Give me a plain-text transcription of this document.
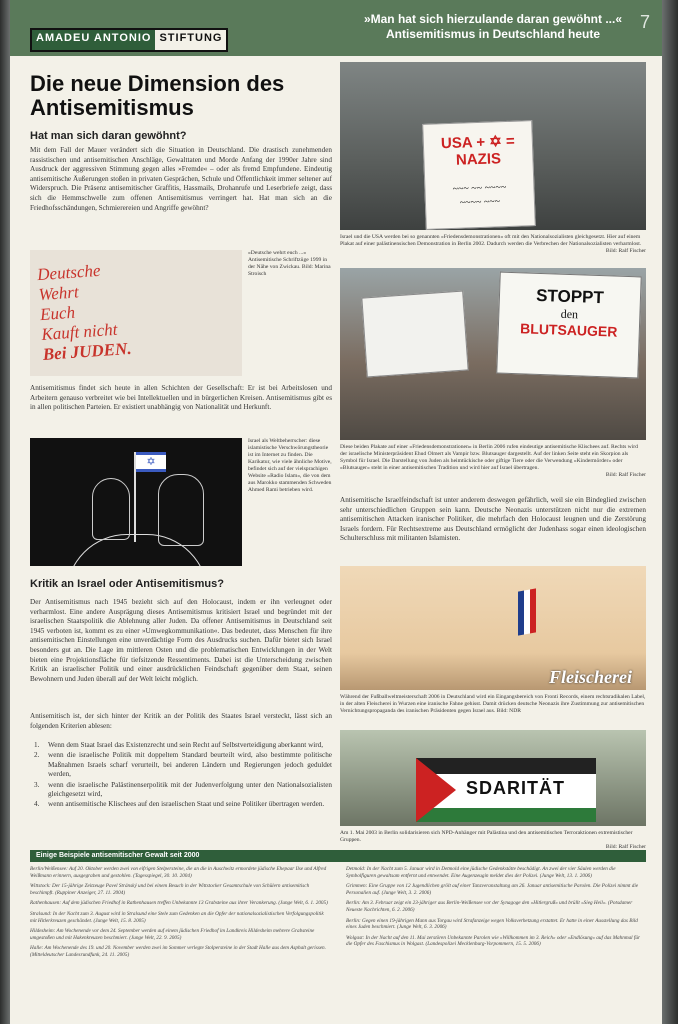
AMADEU ANTONIO STIFTUNG
»Man hat sich hierzulande daran gewöhnt ...«
Antisemitismus in Deutschland heute
7
Die neue Dimension des Antisemitismus
Hat man sich daran gewöhnt?

Mit dem Fall der Mauer verändert sich die Situation in Deutschland. Die drastisch zunehmenden rassistischen und antisemitischen Anschläge, Gewalttaten und Morde Anfang der 1990er Jahre sind Ausdruck der aggressiven Stimmung gegen alles »Fremde« – oder als fremd Empfundene. Eindeutig antisemitische Äußerungen stoßen in privaten Gesprächen, Schule und Öffentlichkeit immer seltener auf Widerspruch. Die Präsenz antisemitischer Graffitis, Hassmails, Drohanrufe und Leserbriefe zeigt, dass sich die Hemmschwelle zum offenen Antisemitismus verringert hat. Hat man sich an die Friedhofsschändungen, Schmierereien und Angriffe gewöhnt?

Deutsche
Wehrt
Euch
Kauft nicht
Bei JUDEN.
»Deutsche wehrt euch ...« Antisemitische Schriftzüge 1999 in der Nähe von Zwickau. Bild: Marina Stroisch

Antisemitismus findet sich heute in allen Schichten der Gesellschaft: Er ist bei Arbeitslosen und Arbeitern genauso verbreitet wie bei Intellektuellen und in bürgerlichen Kreisen. Antisemitismus gibt es in allen politischen Parteien. Er existiert unabhängig von Nationalität und Herkunft.

✡

Israel als Weltbeherrscher: diese islamistische Verschwörungstheorie ist im Internet zu finden. Die Karikatur, wie viele ähnliche Motive, befindet sich auf der vielsprachigen Website »Radio Islam«, die von dem aus Marokko stammenden Schweden Ahmed Rami betrieben wird.

Kritik an Israel oder Antisemitismus?

Der Antisemitismus nach 1945 bezieht sich auf den Holocaust, indem er ihn verleugnet oder verharmlost. Eine andere Ausprägung dieses Antisemitismus kritisiert Israel und begründet mit der israelischen Staatspolitik die Ablehnung aller Juden. Da offener Antisemitismus in Deutschland seit 1945 verboten ist, kommt es zu einer »Umwegkommunikation«. Das bedeutet, dass Menschen für ihre antisemitischen Einstellungen eine unverdächtige Form des Ausdrucks suchen. Dafür bietet sich Israel besonders gut an. Die Lage im mittleren Osten und die problematischen Entwicklungen in der Welt bieten eine Projektionsfläche für tiefsitzende Ressentiments. Dabei ist die Unterscheidung zwischen Kritik an israelischer Politik und einer ausdrücklichen Feindschaft gegenüber dem Staat, seinen Bewohnern und Juden überall auf der Welt leicht möglich.

Antisemitisch ist, der sich hinter der Kritik an der Politik des Staates Israel versteckt, lässt sich an folgenden Kriterien ablesen:

1. Wenn dem Staat Israel das Existenzrecht und sein Recht auf Selbstverteidigung aberkannt wird,
2. wenn die israelische Politik mit doppeltem Standard beurteilt wird, also bestimmte politische Maßnahmen Israels scharf verurteilt, bei anderen Ländern und Regierungen jedoch geduldet werden,
3. wenn die israelische Palästinenserpolitik mit der Judenverfolgung unter den Nationalsozialisten gleichgesetzt wird,
4. wenn antisemitische Klischees auf den israelischen Staat und seine Politiker übertragen werden.
USA + ✡ = NAZIS
~~~ ~~ ~~~~
~~~~ ~~~
Israel und die USA werden bei so genannten »Friedensdemonstrationen« oft mit den Nationalsozialisten gleichgesetzt. Hier auf einem Plakat auf einer palästinensischen Demonstration in Berlin 2002. Dadurch werden die Verbrechen der Nationalsozialisten verharmlost.
Bild: Ralf Fischer
STOPPT
den
BLUTSAUGER
Diese beiden Plakate auf einer »Friedensdemonstrationen« in Berlin 2006 rufen eindeutige antisemitische Klischees auf. Rechts wird der israelische Ministerpräsident Ehud Olmert als Vampir bzw. Blutsauger dargestellt. Auf der linken Seite steht ein Skorpion als Symbol für Israel. Die Darstellung von Juden als heimtückische oder giftige Tiere oder die Verwendung »Kindermörder« oder »Blutsauger« steht in einer antisemitischen Tradition und wird hier auf Israel übertragen.
Bild: Ralf Fischer

Antisemitische Israelfeindschaft ist unter anderem deswegen gefährlich, weil sie ein Bindeglied zwischen sehr unterschiedlichen Gruppen sein kann. Deutsche Neonazis unterstützen nicht nur die extremen antisemitischen Attacken iranischer Politiker, die mehrfach den Holocaust leugnen und die Zerstörung Israels fordern. Für Rechtsextreme aus Deutschland ermöglicht der Judenhass sogar einen ideologischen Schulterschluss mit militanten Islamisten.

Fleischerei
Während der Fußballweltmeisterschaft 2006 in Deutschland wird ein Eingangsbereich von Fronti Records, einem rechtsradikalen Label, in der alten Fleischerei in Wurzen eine iranische Fahne gehisst. Damit drücken deutsche Neonazis ihre Zustimmung zur antisemitischen Vernichtungspropaganda des iranischen Präsidenten gegen Israel aus. Bild: NDR
SDARITÄT
Am 1. Mai 2003 in Berlin solidarisieren sich NPD-Anhänger mit Palästina und den antisemitischen Terroraktionen extremistischer Gruppen.
Bild: Ralf Fischer
Einige Beispiele antisemitischer Gewalt seit 2000

Berlin/Weißensee: Auf 20. Oktober werden zwei von eifrigen Stelpersteine, die an die in Auschwitz ermordete jüdische Ehepaar Ilse und Alfred Weißmann erinnern, ausgegraben und gestohlen. (Tagesspiegel, 30. 10. 2004)

Wittstock: Der 15-jährige Zeitzeuge Pavel Stránský und bei einem Besuch in der Wittstocker Gesamtschule von Schülern antisemitisch beschimpft. (Ruppiner Anzeiger, 27. 11. 2004)

Rathenhausen: Auf dem jüdischen Friedhof in Rathenhausen treffen Unbekannte 13 Grabsteine aus ihrer Verankerung. (Junge Welt, 6. 1. 2005)

Stralsund: In der Nacht zum 3. August wird in Stralsund eine Stele zum Gedenken an die Opfer der nationalsozialistischen Verfolgungspolitik mit Hitlerkreuzen geschändet. (Junge Welt, 15. 8. 2005)

Hildesheim: Am Wochenende vor dem 24. September werden auf einem jüdischen Friedhof im Landkreis Hildesheim mehrere Grabsteine umgestoßen und mit Hakenkreuzen beschmiert. (Junge Welt, 22. 9. 2005)

Halle: Am Wochenende des 19. und 20. November werden zwei im Sommer verlegte Stolpersteine in der Stadt Halle aus dem Asphalt gerissen. (Mitteldeutscher Landesrundfunk, 24. 11. 2005)

Detmold: In der Nacht zum 5. Januar wird in Detmold eine jüdische Gedenkstätte beschädigt. An zwei der vier Säulen werden die Symbolfiguren gewaltsam entfernt und entwendet. Eine Augenzeugin meldet dies der Polizei. (Junge Welt, 13. 1. 2006)

Grimmen: Eine Gruppe von 12 Jugendlichen grölt auf einer Tanzveranstaltung am 26. Januar antisemitische Parolen. Die Polizei nimmt die Personalien auf. (Junge Welt, 3. 2. 2006)

Berlin: Am 3. Februar zeigt ein 23-jähriger aus Berlin-Weißensee vor der Synagoge den »Hitlergruß« und brüllt »Sieg Heil«. (Potsdamer Neueste Nachrichten, 6. 2. 2006)

Berlin: Gegen einen 19-jährigen Mann aus Torgau wird Strafanzeige wegen Volksverhetzung erstattet. Er hatte in einer Ausstellung das Bild eines Juden beschmiert. (Junge Welt, 6. 3. 2006)

Wolgast: In der Nacht auf den 11. Mai zerstören Unbekannte Parolen wie »Willkommen im 3. Reich« oder »Endlösung« auf das Mahnmal für die Opfer des Faschismus in Wolgast. (Landespolizei Mecklenburg-Vorpommern, 15. 5. 2006)
